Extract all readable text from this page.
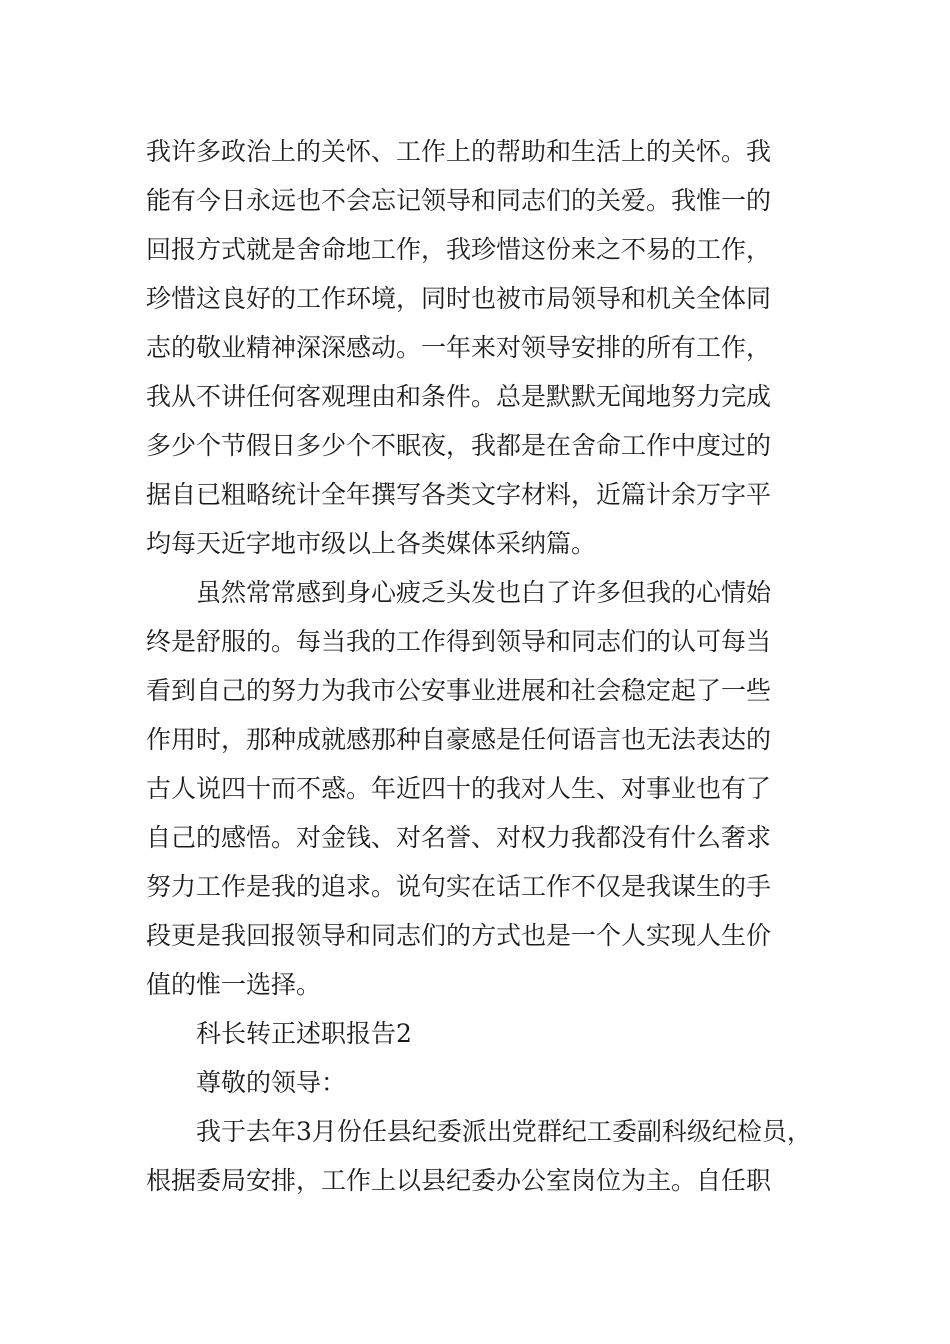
我许多政治上的关怀、工作上的帮助和生活上的关怀。我
能有今日永远也不会忘记领导和同志们的关爱。我惟一的
回报方式就是舍命地工作，我珍惜这份来之不易的工作，
珍惜这良好的工作环境，同时也被市局领导和机关全体同
志的敬业精神深深感动。一年来对领导安排的所有工作，
我从不讲任何客观理由和条件。总是默默无闻地努力完成
多少个节假日多少个不眠夜，我都是在舍命工作中度过的
据自已粗略统计全年撰写各类文字材料，近篇计余万字平
均每天近字地市级以上各类媒体采纳篇。
虽然常常感到身心疲乏头发也白了许多但我的心情始
终是舒服的。每当我的工作得到领导和同志们的认可每当
看到自己的努力为我市公安事业进展和社会稳定起了一些
作用时，那种成就感那种自豪感是任何语言也无法表达的
古人说四十而不惑。年近四十的我对人生、对事业也有了
自己的感悟。对金钱、对名誉、对权力我都没有什么奢求
努力工作是我的追求。说句实在话工作不仅是我谋生的手
段更是我回报领导和同志们的方式也是一个人实现人生价
值的惟一选择。
科长转正述职报告2
尊敬的领导：
我于去年3月份任县纪委派出党群纪工委副科级纪检员，
根据委局安排，工作上以县纪委办公室岗位为主。自任职
